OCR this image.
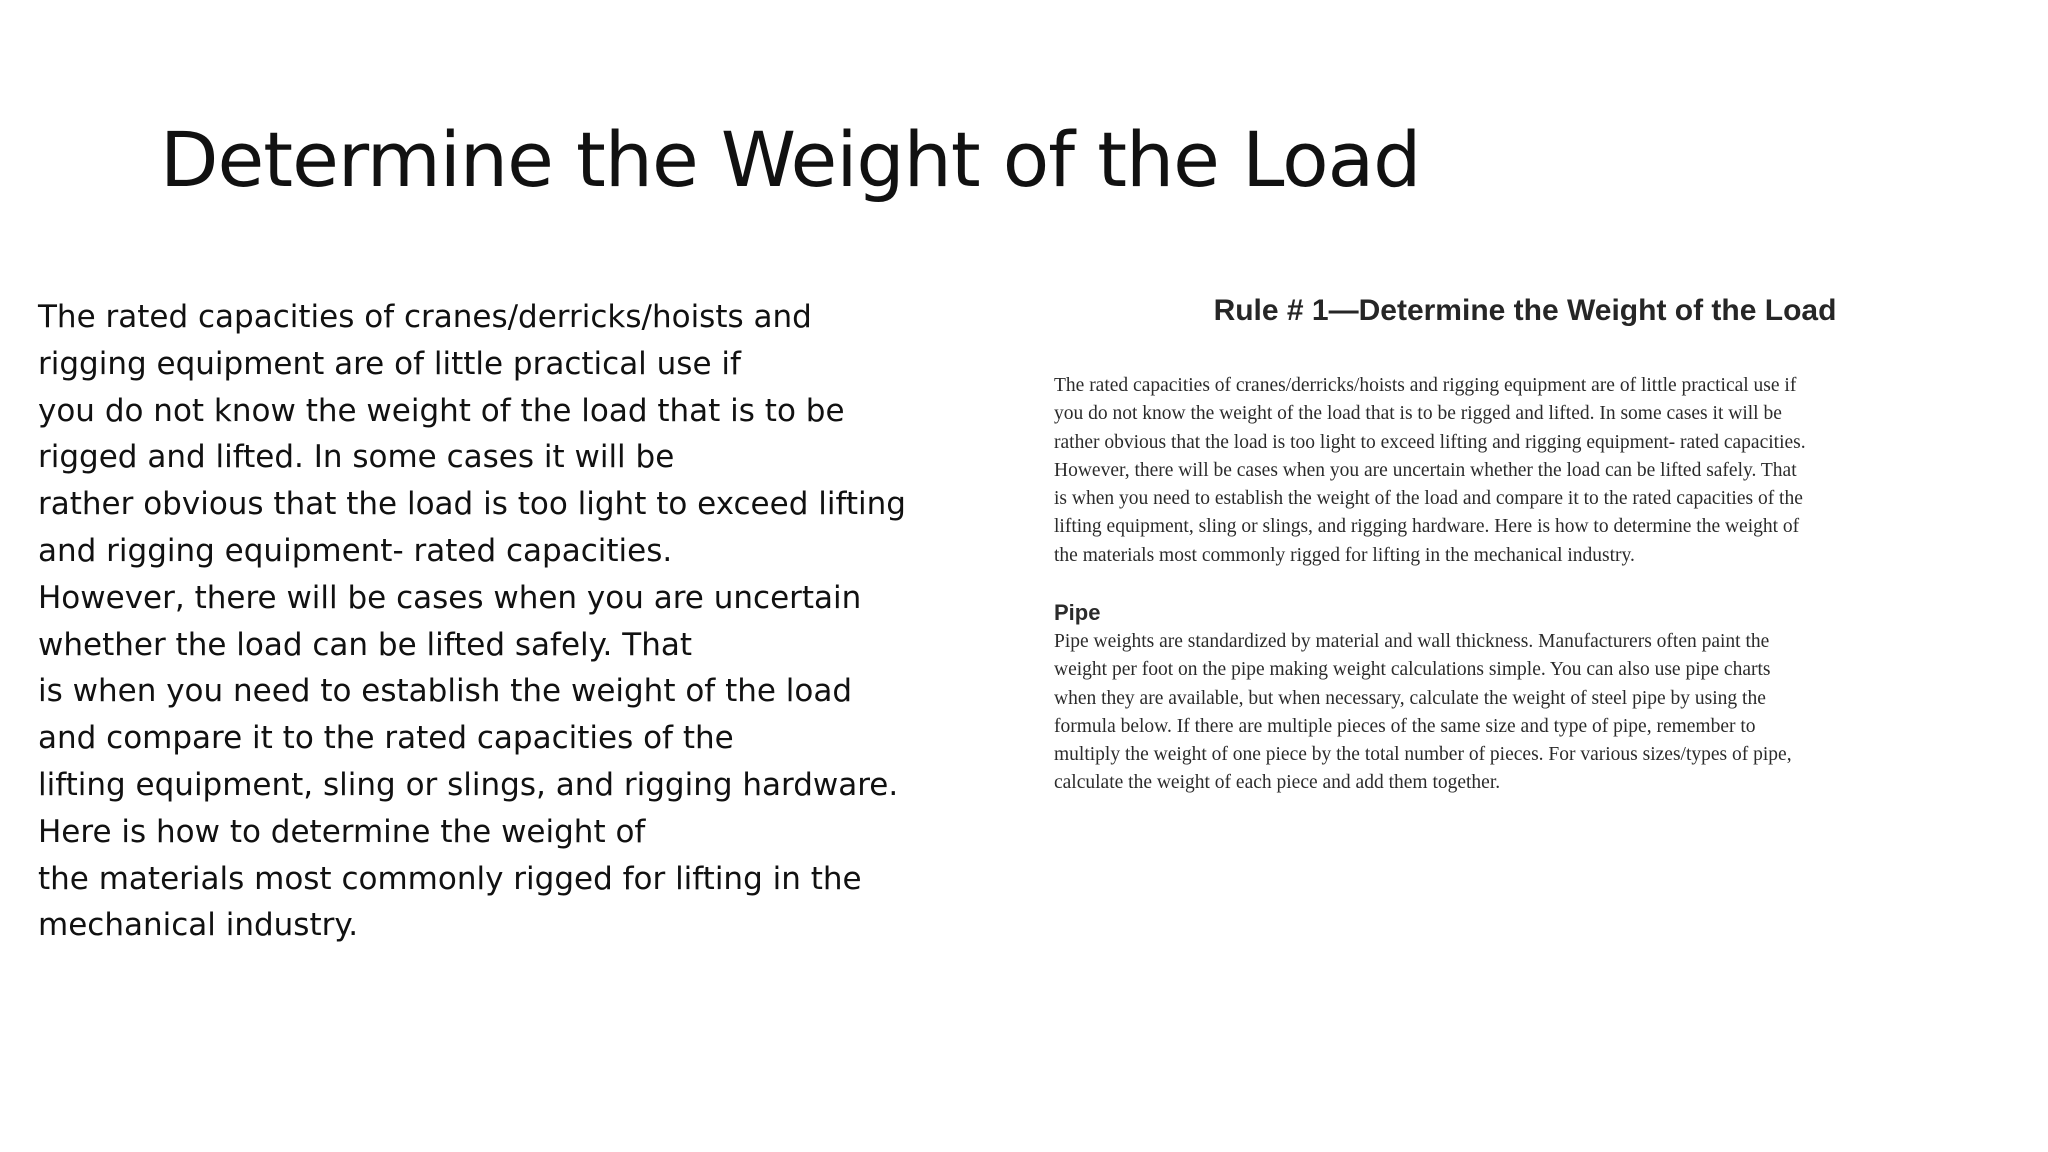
Determine the Weight of the Load
The rated capacities of cranes/derricks/hoists and
rigging equipment are of little practical use if
you do not know the weight of the load that is to be
rigged and lifted. In some cases it will be
rather obvious that the load is too light to exceed lifting
and rigging equipment- rated capacities.
However, there will be cases when you are uncertain
whether the load can be lifted safely. That
is when you need to establish the weight of the load
and compare it to the rated capacities of the
lifting equipment, sling or slings, and rigging hardware.
Here is how to determine the weight of
the materials most commonly rigged for lifting in the
mechanical industry.
Rule # 1—Determine the Weight of the Load
The rated capacities of cranes/derricks/hoists and rigging equipment are of little practical use if
you do not know the weight of the load that is to be rigged and lifted. In some cases it will be
rather obvious that the load is too light to exceed lifting and rigging equipment- rated capacities.
However, there will be cases when you are uncertain whether the load can be lifted safely. That
is when you need to establish the weight of the load and compare it to the rated capacities of the
lifting equipment, sling or slings, and rigging hardware. Here is how to determine the weight of
the materials most commonly rigged for lifting in the mechanical industry.
Pipe
Pipe weights are standardized by material and wall thickness. Manufacturers often paint the
weight per foot on the pipe making weight calculations simple. You can also use pipe charts
when they are available, but when necessary, calculate the weight of steel pipe by using the
formula below. If there are multiple pieces of the same size and type of pipe, remember to
multiply the weight of one piece by the total number of pieces. For various sizes/types of pipe,
calculate the weight of each piece and add them together.
